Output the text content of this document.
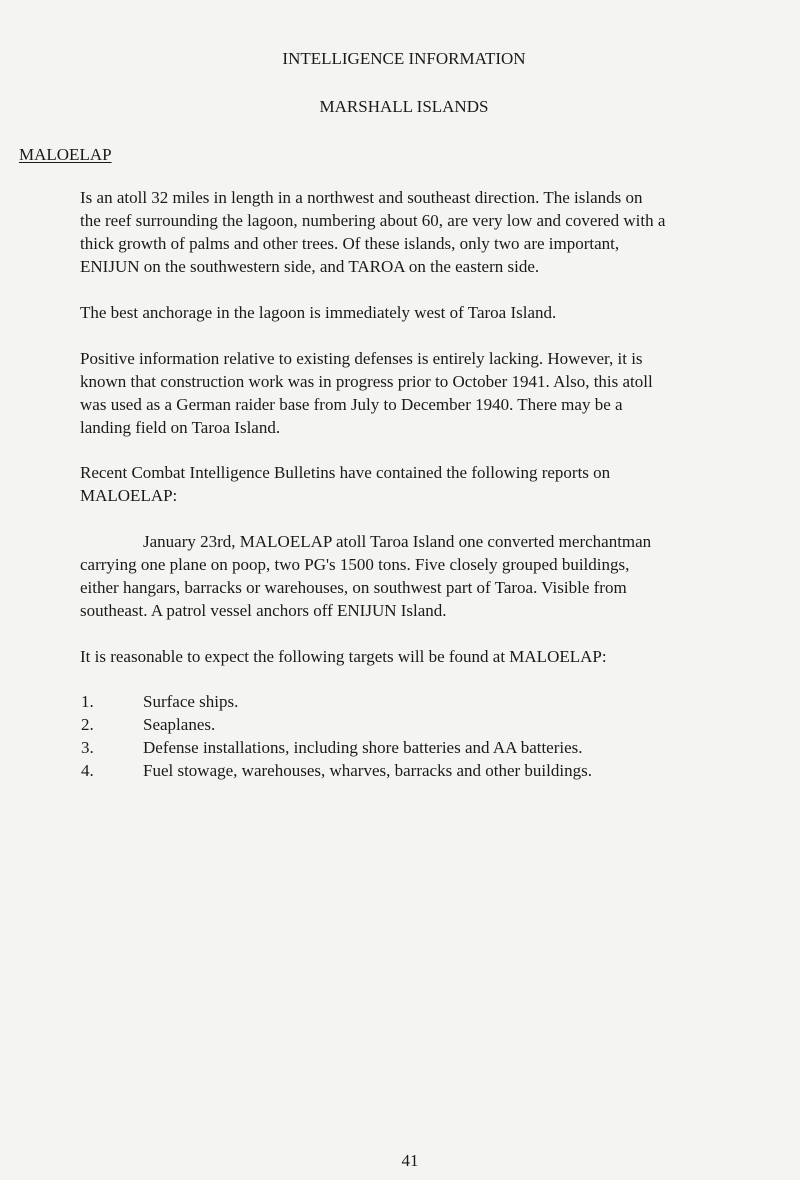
INTELLIGENCE INFORMATION
MARSHALL ISLANDS
MALOELAP
Is an atoll 32 miles in length in a northwest and southeast direction. The islands on
the reef surrounding the lagoon, numbering about 60, are very low and covered with a
thick growth of palms and other trees. Of these islands, only two are important,
ENIJUN on the southwestern side, and TAROA on the eastern side.
The best anchorage in the lagoon is immediately west of Taroa Island.
Positive information relative to existing defenses is entirely lacking. However, it is
known that construction work was in progress prior to October 1941. Also, this atoll
was used as a German raider base from July to December 1940. There may be a
landing field on Taroa Island.
Recent Combat Intelligence Bulletins have contained the following reports on
MALOELAP:
January 23rd, MALOELAP atoll Taroa Island one converted merchantman
carrying one plane on poop, two PG's 1500 tons. Five closely grouped buildings,
either hangars, barracks or warehouses, on southwest part of Taroa. Visible from
southeast. A patrol vessel anchors off ENIJUN Island.
It is reasonable to expect the following targets will be found at MALOELAP:
1.	Surface ships.
2.	Seaplanes.
3.	Defense installations, including shore batteries and AA batteries.
4.	Fuel stowage, warehouses, wharves, barracks and other buildings.
41
